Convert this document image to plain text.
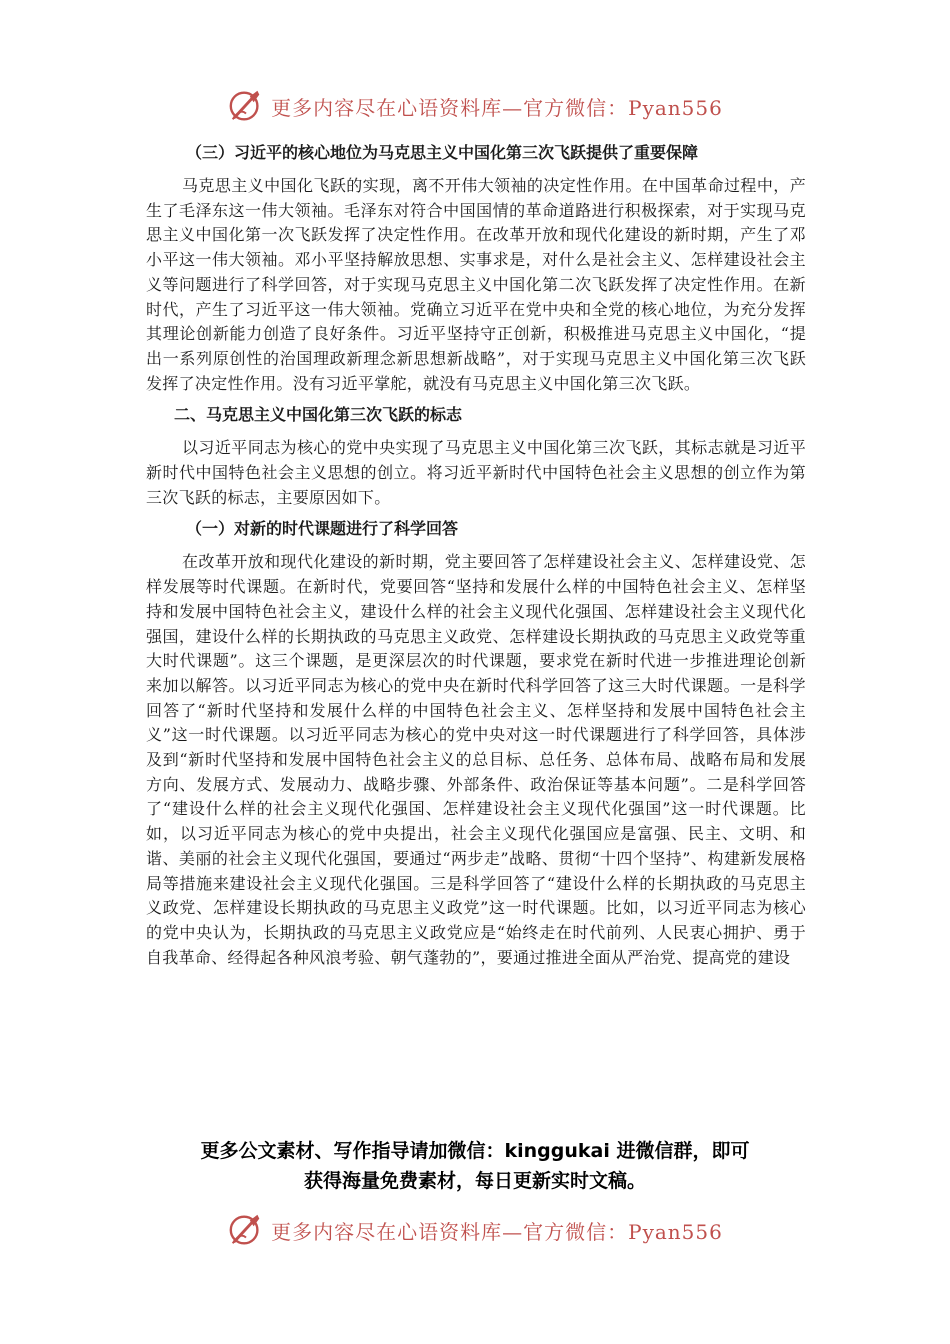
更多内容尽在心语资料库—官方微信：Pyan556
（三）习近平的核心地位为马克思主义中国化第三次飞跃提供了重要保障
马克思主义中国化飞跃的实现，离不开伟大领袖的决定性作用。在中国革命过程中，产生了毛泽东这一伟大领袖。毛泽东对符合中国国情的革命道路进行积极探索，对于实现马克思主义中国化第一次飞跃发挥了决定性作用。在改革开放和现代化建设的新时期，产生了邓小平这一伟大领袖。邓小平坚持解放思想、实事求是，对什么是社会主义、怎样建设社会主义等问题进行了科学回答，对于实现马克思主义中国化第二次飞跃发挥了决定性作用。在新时代，产生了习近平这一伟大领袖。党确立习近平在党中央和全党的核心地位，为充分发挥其理论创新能力创造了良好条件。习近平坚持守正创新，积极推进马克思主义中国化，“提出一系列原创性的治国理政新理念新思想新战略”，对于实现马克思主义中国化第三次飞跃发挥了决定性作用。没有习近平掌舵，就没有马克思主义中国化第三次飞跃。
二、马克思主义中国化第三次飞跃的标志
以习近平同志为核心的党中央实现了马克思主义中国化第三次飞跃，其标志就是习近平新时代中国特色社会主义思想的创立。将习近平新时代中国特色社会主义思想的创立作为第三次飞跃的标志，主要原因如下。
（一）对新的时代课题进行了科学回答
在改革开放和现代化建设的新时期，党主要回答了怎样建设社会主义、怎样建设党、怎样发展等时代课题。在新时代，党要回答“坚持和发展什么样的中国特色社会主义、怎样坚持和发展中国特色社会主义，建设什么样的社会主义现代化强国、怎样建设社会主义现代化强国，建设什么样的长期执政的马克思主义政党、怎样建设长期执政的马克思主义政党等重大时代课题”。这三个课题，是更深层次的时代课题，要求党在新时代进一步推进理论创新来加以解答。以习近平同志为核心的党中央在新时代科学回答了这三大时代课题。一是科学回答了“新时代坚持和发展什么样的中国特色社会主义、怎样坚持和发展中国特色社会主义”这一时代课题。以习近平同志为核心的党中央对这一时代课题进行了科学回答，具体涉及到“新时代坚持和发展中国特色社会主义的总目标、总任务、总体布局、战略布局和发展方向、发展方式、发展动力、战略步骤、外部条件、政治保证等基本问题”。二是科学回答了“建设什么样的社会主义现代化强国、怎样建设社会主义现代化强国”这一时代课题。比如，以习近平同志为核心的党中央提出，社会主义现代化强国应是富强、民主、文明、和谐、美丽的社会主义现代化强国，要通过“两步走”战略、贯彻“十四个坚持”、构建新发展格局等措施来建设社会主义现代化强国。三是科学回答了“建设什么样的长期执政的马克思主义政党、怎样建设长期执政的马克思主义政党”这一时代课题。比如，以习近平同志为核心的党中央认为，长期执政的马克思主义政党应是“始终走在时代前列、人民衷心拥护、勇于自我革命、经得起各种风浪考验、朝气蓬勃的”，要通过推进全面从严治党、提高党的建设
更多公文素材、写作指导请加微信：kinggukai 进微信群，即可
获得海量免费素材，每日更新实时文稿。
更多内容尽在心语资料库—官方微信：Pyan556
